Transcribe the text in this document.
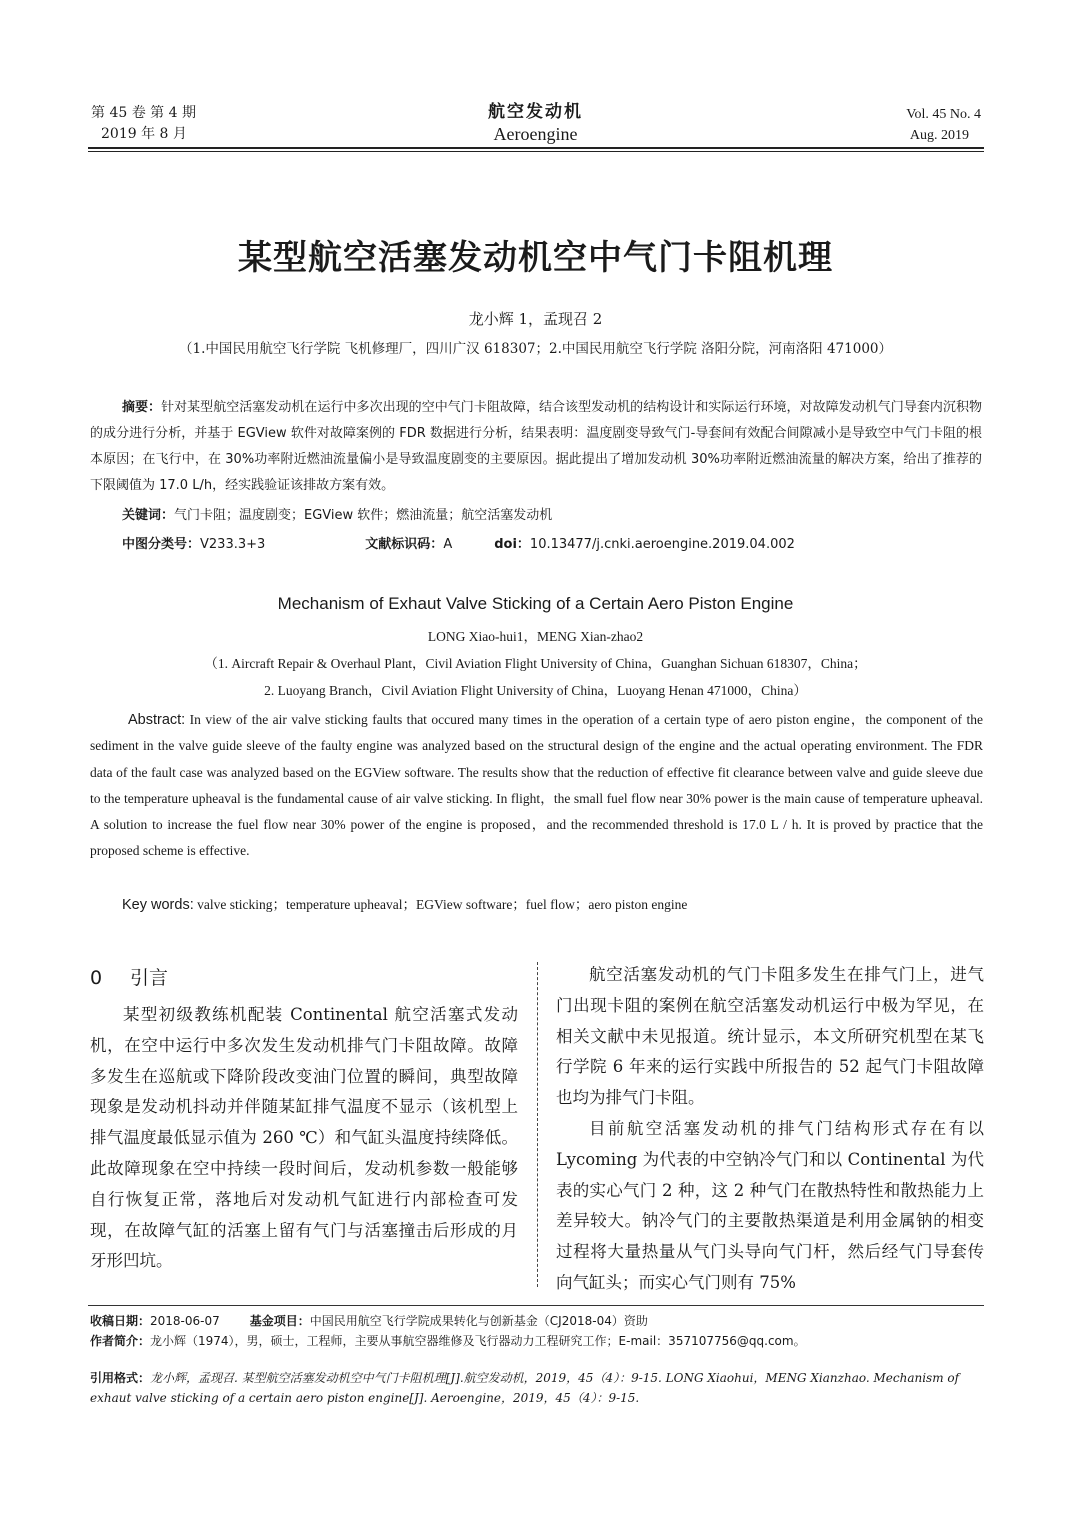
第 45 卷 第 4 期
2019 年 8 月
航空发动机
Aeroengine
Vol. 45 No. 4
Aug. 2019
某型航空活塞发动机空中气门卡阻机理
龙小辉 1，孟现召 2
（1.中国民用航空飞行学院 飞机修理厂，四川广汉 618307；2.中国民用航空飞行学院 洛阳分院，河南洛阳 471000）
摘要：针对某型航空活塞发动机在运行中多次出现的空中气门卡阻故障，结合该型发动机的结构设计和实际运行环境，对故障发动机气门导套内沉积物的成分进行分析，并基于 EGView 软件对故障案例的 FDR 数据进行分析，结果表明：温度剧变导致气门-导套间有效配合间隙减小是导致空中气门卡阻的根本原因；在飞行中，在 30%功率附近燃油流量偏小是导致温度剧变的主要原因。据此提出了增加发动机 30%功率附近燃油流量的解决方案，给出了推荐的下限阈值为 17.0 L/h，经实践验证该排故方案有效。
关键词：气门卡阻；温度剧变；EGView 软件；燃油流量；航空活塞发动机
中图分类号：V233.3+3	文献标识码：A	doi：10.13477/j.cnki.aeroengine.2019.04.002
Mechanism of Exhaut Valve Sticking of a Certain Aero Piston Engine
LONG Xiao-hui1，MENG Xian-zhao2
（1. Aircraft Repair & Overhaul Plant，Civil Aviation Flight University of China，Guanghan Sichuan 618307，China；
2. Luoyang Branch，Civil Aviation Flight University of China，Luoyang Henan 471000，China）
Abstract: In view of the air valve sticking faults that occured many times in the operation of a certain type of aero piston engine，the component of the sediment in the valve guide sleeve of the faulty engine was analyzed based on the structural design of the engine and the actual operating environment. The FDR data of the fault case was analyzed based on the EGView software. The results show that the reduction of effective fit clearance between valve and guide sleeve due to the temperature upheaval is the fundamental cause of air valve sticking. In flight，the small fuel flow near 30% power is the main cause of temperature upheaval. A solution to increase the fuel flow near 30% power of the engine is proposed，and the recommended threshold is 17.0 L / h. It is proved by practice that the proposed scheme is effective.
Key words: valve sticking；temperature upheaval；EGView software；fuel flow；aero piston engine
0 引言

某型初级教练机配装 Continental 航空活塞式发动机，在空中运行中多次发生发动机排气门卡阻故障。故障多发生在巡航或下降阶段改变油门位置的瞬间，典型故障现象是发动机抖动并伴随某缸排气温度不显示（该机型上排气温度最低显示值为 260 ℃）和气缸头温度持续降低。此故障现象在空中持续一段时间后，发动机参数一般能够自行恢复正常，落地后对发动机气缸进行内部检查可发现，在故障气缸的活塞上留有气门与活塞撞击后形成的月牙形凹坑。

航空活塞发动机的气门卡阻多发生在排气门上，进气门出现卡阻的案例在航空活塞发动机运行中极为罕见，在相关文献中未见报道。统计显示，本文所研究机型在某飞行学院 6 年来的运行实践中所报告的 52 起气门卡阻故障也均为排气门卡阻。

目前航空活塞发动机的排气门结构形式存在有以 Lycoming 为代表的中空钠冷气门和以 Continental 为代表的实心气门 2 种，这 2 种气门在散热特性和散热能力上差异较大。钠冷气门的主要散热渠道是利用金属钠的相变过程将大量热量从气门头导向气门杆，然后经气门导套传向气缸头；而实心气门则有 75%

收稿日期：2018-06-07	基金项目：中国民用航空飞行学院成果转化与创新基金（CJ2018-04）资助
作者简介：龙小辉（1974），男，硕士，工程师，主要从事航空器维修及飞行器动力工程研究工作；E-mail：357107756@qq.com。
引用格式：龙小辉，孟现召. 某型航空活塞发动机空中气门卡阻机理[J].航空发动机，2019，45（4）：9-15. LONG Xiaohui，MENG Xianzhao. Mechanism of exhaut valve sticking of a certain aero piston engine[J]. Aeroengine，2019，45（4）：9-15.
